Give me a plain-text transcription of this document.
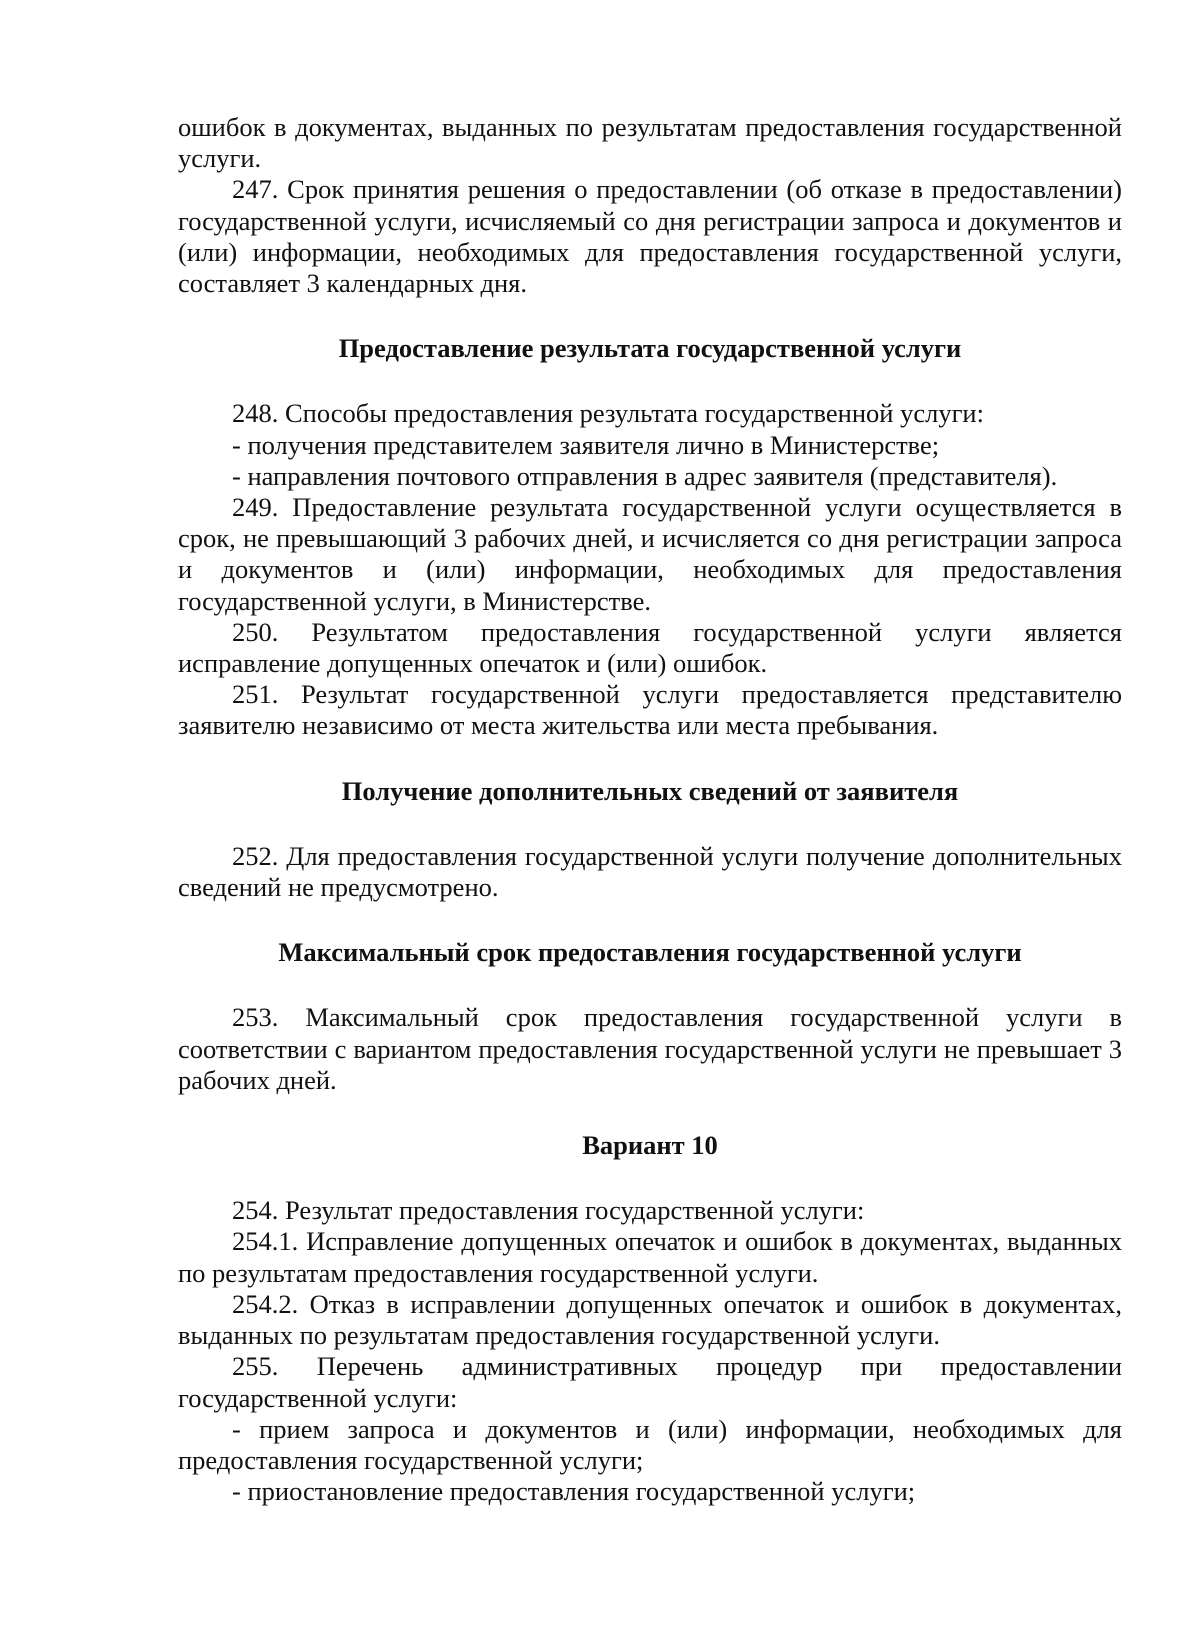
ошибок в документах, выданных по результатам предоставления государственной услуги.

247. Срок принятия решения о предоставлении (об отказе в предоставлении) государственной услуги, исчисляемый со дня регистрации запроса и документов и (или) информации, необходимых для предоставления государственной услуги, составляет 3 календарных дня.

Предоставление результата государственной услуги

248. Способы предоставления результата государственной услуги:

- получения представителем заявителя лично в Министерстве;

- направления почтового отправления в адрес заявителя (представителя).

249. Предоставление результата государственной услуги осуществляется в срок, не превышающий 3 рабочих дней, и исчисляется со дня регистрации запроса и документов и (или) информации, необходимых для предоставления государственной услуги, в Министерстве.

250. Результатом предоставления государственной услуги является исправление допущенных опечаток и (или) ошибок.

251. Результат государственной услуги предоставляется представителю заявителю независимо от места жительства или места пребывания.

Получение дополнительных сведений от заявителя

252. Для предоставления государственной услуги получение дополнительных сведений не предусмотрено.

Максимальный срок предоставления государственной услуги

253. Максимальный срок предоставления государственной услуги в соответствии с вариантом предоставления государственной услуги не превышает 3 рабочих дней.

Вариант 10

254. Результат предоставления государственной услуги:

254.1. Исправление допущенных опечаток и ошибок в документах, выданных по результатам предоставления государственной услуги.

254.2. Отказ в исправлении допущенных опечаток и ошибок в документах, выданных по результатам предоставления государственной услуги.

255. Перечень административных процедур при предоставлении государственной услуги:

- прием запроса и документов и (или) информации, необходимых для предоставления государственной услуги;

- приостановление предоставления государственной услуги;
